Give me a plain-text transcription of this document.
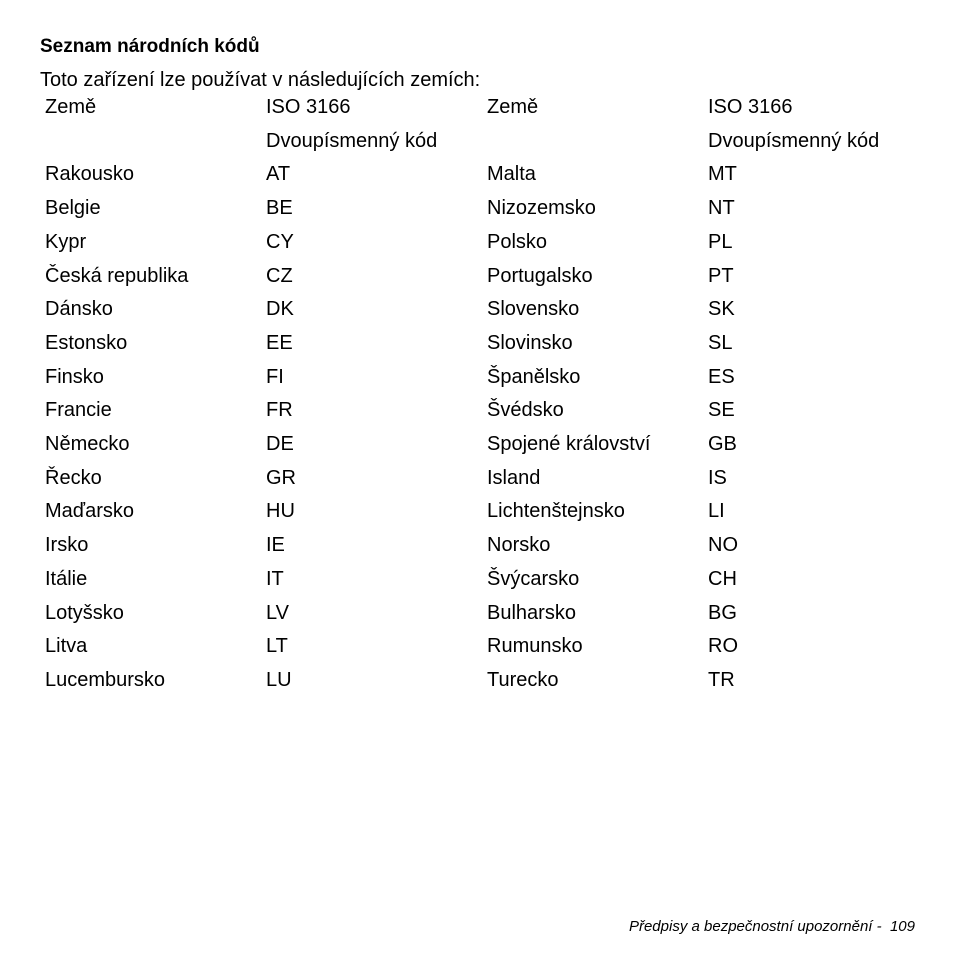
Seznam národních kódů
Toto zařízení lze používat v následujících zemích:
Země	ISO 3166	Země	ISO 3166
	Dvoupísmenný kód		Dvoupísmenný kód
Rakousko	AT	Malta	MT
Belgie	BE	Nizozemsko	NT
Kypr	CY	Polsko	PL
Česká republika	CZ	Portugalsko	PT
Dánsko	DK	Slovensko	SK
Estonsko	EE	Slovinsko	SL
Finsko	FI	Španělsko	ES
Francie	FR	Švédsko	SE
Německo	DE	Spojené království	GB
Řecko	GR	Island	IS
Maďarsko	HU	Lichtenštejnsko	LI
Irsko	IE	Norsko	NO
Itálie	IT	Švýcarsko	CH
Lotyšsko	LV	Bulharsko	BG
Litva	LT	Rumunsko	RO
Lucembursko	LU	Turecko	TR
Předpisy a bezpečnostní upozornění -  109
